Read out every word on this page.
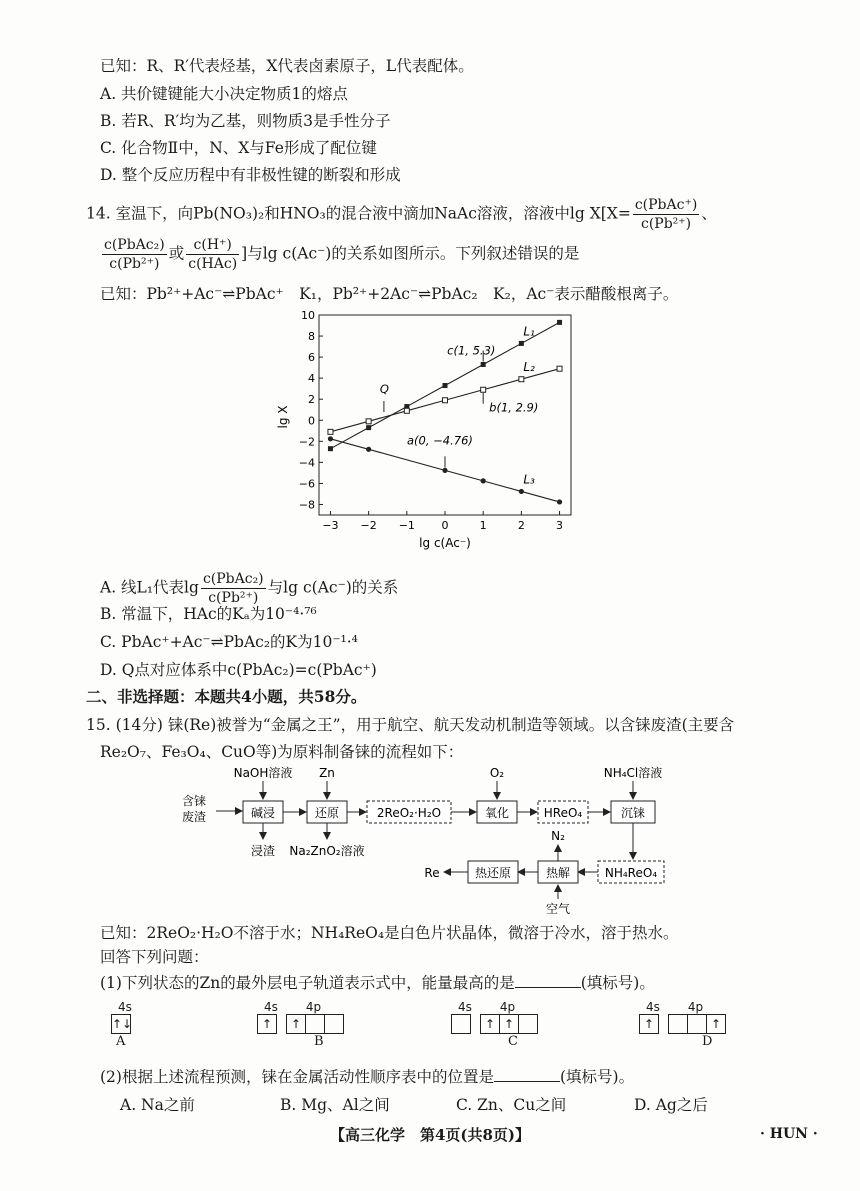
已知：R、R′代表烃基，X代表卤素原子，L代表配体。
A. 共价键键能大小决定物质1的熔点
B. 若R、R′均为乙基，则物质3是手性分子
C. 化合物Ⅱ中，N、X与Fe形成了配位键
D. 整个反应历程中有非极性键的断裂和形成
14. 室温下，向Pb(NO₃)₂和HNO₃的混合液中滴加NaAc溶液，溶液中$\lg X[X= \frac{\text{c(PbAc⁺)}}{\text{c(Pb²⁺)}}$ 、
$\frac{\text{c(PbAc₂)}}{\text{c(Pb²⁺)}}$ 或 $\frac{c(H^+)}{\text{c(HAc)}}$ ]与lg c(Ac⁻)的关系如图所示。下列叙述错误的是
已知：Pb²⁺+Ac⁻⇌PbAc⁺　K₁，Pb²⁺+2Ac⁻⇌PbAc₂　K₂，Ac⁻表示醋酸根离子。
−3 −2 −1 0	1	2	3
−8
−6
−4
−2
0
2
4
6
8
10
L₁
L₂
L₃
c(1, 5.3)
b(1, 2.9)
a(0, −4.76)
Q
lg X
lg c(Ac⁻)
A. 线L₁代表$\lg \frac{\text{c(PbAc₂)}}{\text{c(Pb²⁺)}}$ 与lg c(Ac⁻)的关系
B. 常温下，HAc的Kₐ为10⁻⁴·⁷⁶
C. PbAc⁺+Ac⁻⇌PbAc₂的K为10⁻¹·⁴
D. Q点对应体系中c(PbAc₂)=c(PbAc⁺)
二、非选择题：本题共4小题，共58分。
15. (14分) 铼(Re)被誉为“金属之王”，用于航空、航天发动机制造等领域。以含铼废渣(主要含
Re₂O₇、Fe₃O₄、CuO等)为原料制备铼的流程如下：
含铼
废渣
NaOH溶液
碱浸
浸渣
Zn
还原
Na₂ZnO₂溶液
2ReO₂·H₂O
O₂
氧化	HReO₄
NH₄Cl溶液
沉铼
NH₄ReO₄
热解
N₂
空气
热还原
Re
已知：2ReO₂·H₂O不溶于水；NH₄ReO₄是白色片状晶体，微溶于冷水，溶于热水。
回答下列问题：
(1)下列状态的Zn的最外层电子轨道表示式中，能量最高的是	(填标号)。
4s
↑↓
A
4s 4p
↑ ↑
B
4s 4p
↑ ↑
C
4s 4p
↑	↑
D
(2)根据上述流程预测，铼在金属活动性顺序表中的位置是	(填标号)。
A. Na之前	B. Mg、Al之间	C. Zn、Cu之间	D. Ag之后
【高三化学　第4页(共8页)】	· HUN ·
